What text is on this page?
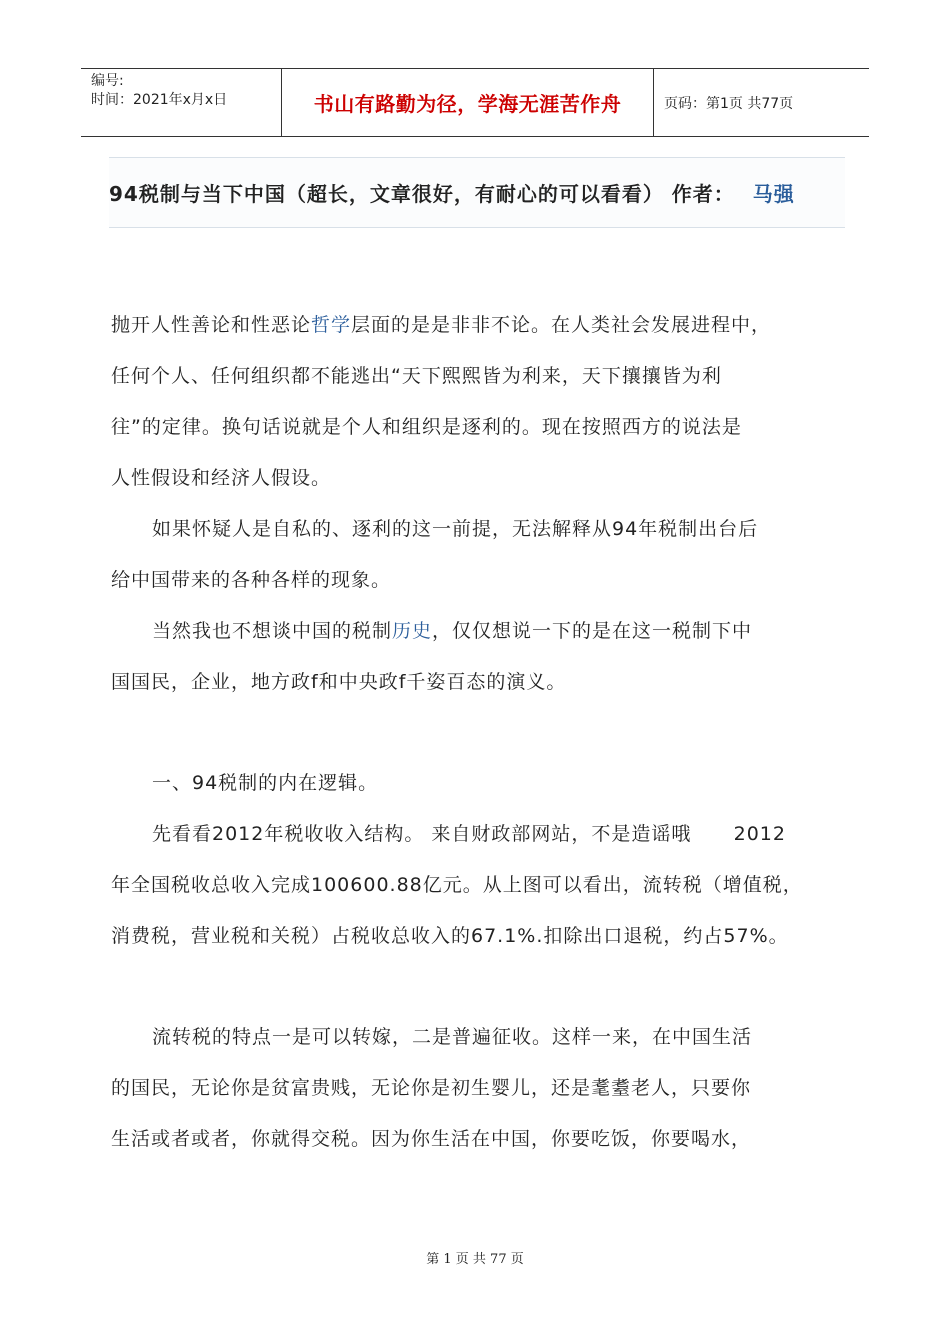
编号:
时间：2021年x月x日	书山有路勤为径，学海无涯苦作舟	页码：第1页 共77页
94税制与当下中国（超长，文章很好，有耐心的可以看看） 作者： 马强

抛开人性善论和性恶论哲学层面的是是非非不论。在人类社会发展进程中，

任何个人、任何组织都不能逃出“天下熙熙皆为利来，天下攘攘皆为利

往”的定律。换句话说就是个人和组织是逐利的。现在按照西方的说法是

人性假设和经济人假设。

如果怀疑人是自私的、逐利的这一前提，无法解释从94年税制出台后

给中国带来的各种各样的现象。

当然我也不想谈中国的税制历史，仅仅想说一下的是在这一税制下中

国国民，企业，地方政f和中央政f千姿百态的演义。

一、94税制的内在逻辑。

先看看2012年税收收入结构。 来自财政部网站，不是造谣哦      2012

年全国税收总收入完成100600.88亿元。从上图可以看出，流转税（增值税，

消费税，营业税和关税）占税收总收入的67.1%.扣除出口退税，约占57%。

流转税的特点一是可以转嫁，二是普遍征收。这样一来，在中国生活

的国民，无论你是贫富贵贱，无论你是初生婴儿，还是耄耋老人，只要你

生活或者或者，你就得交税。因为你生活在中国，你要吃饭，你要喝水，

第 1 页 共 77 页
